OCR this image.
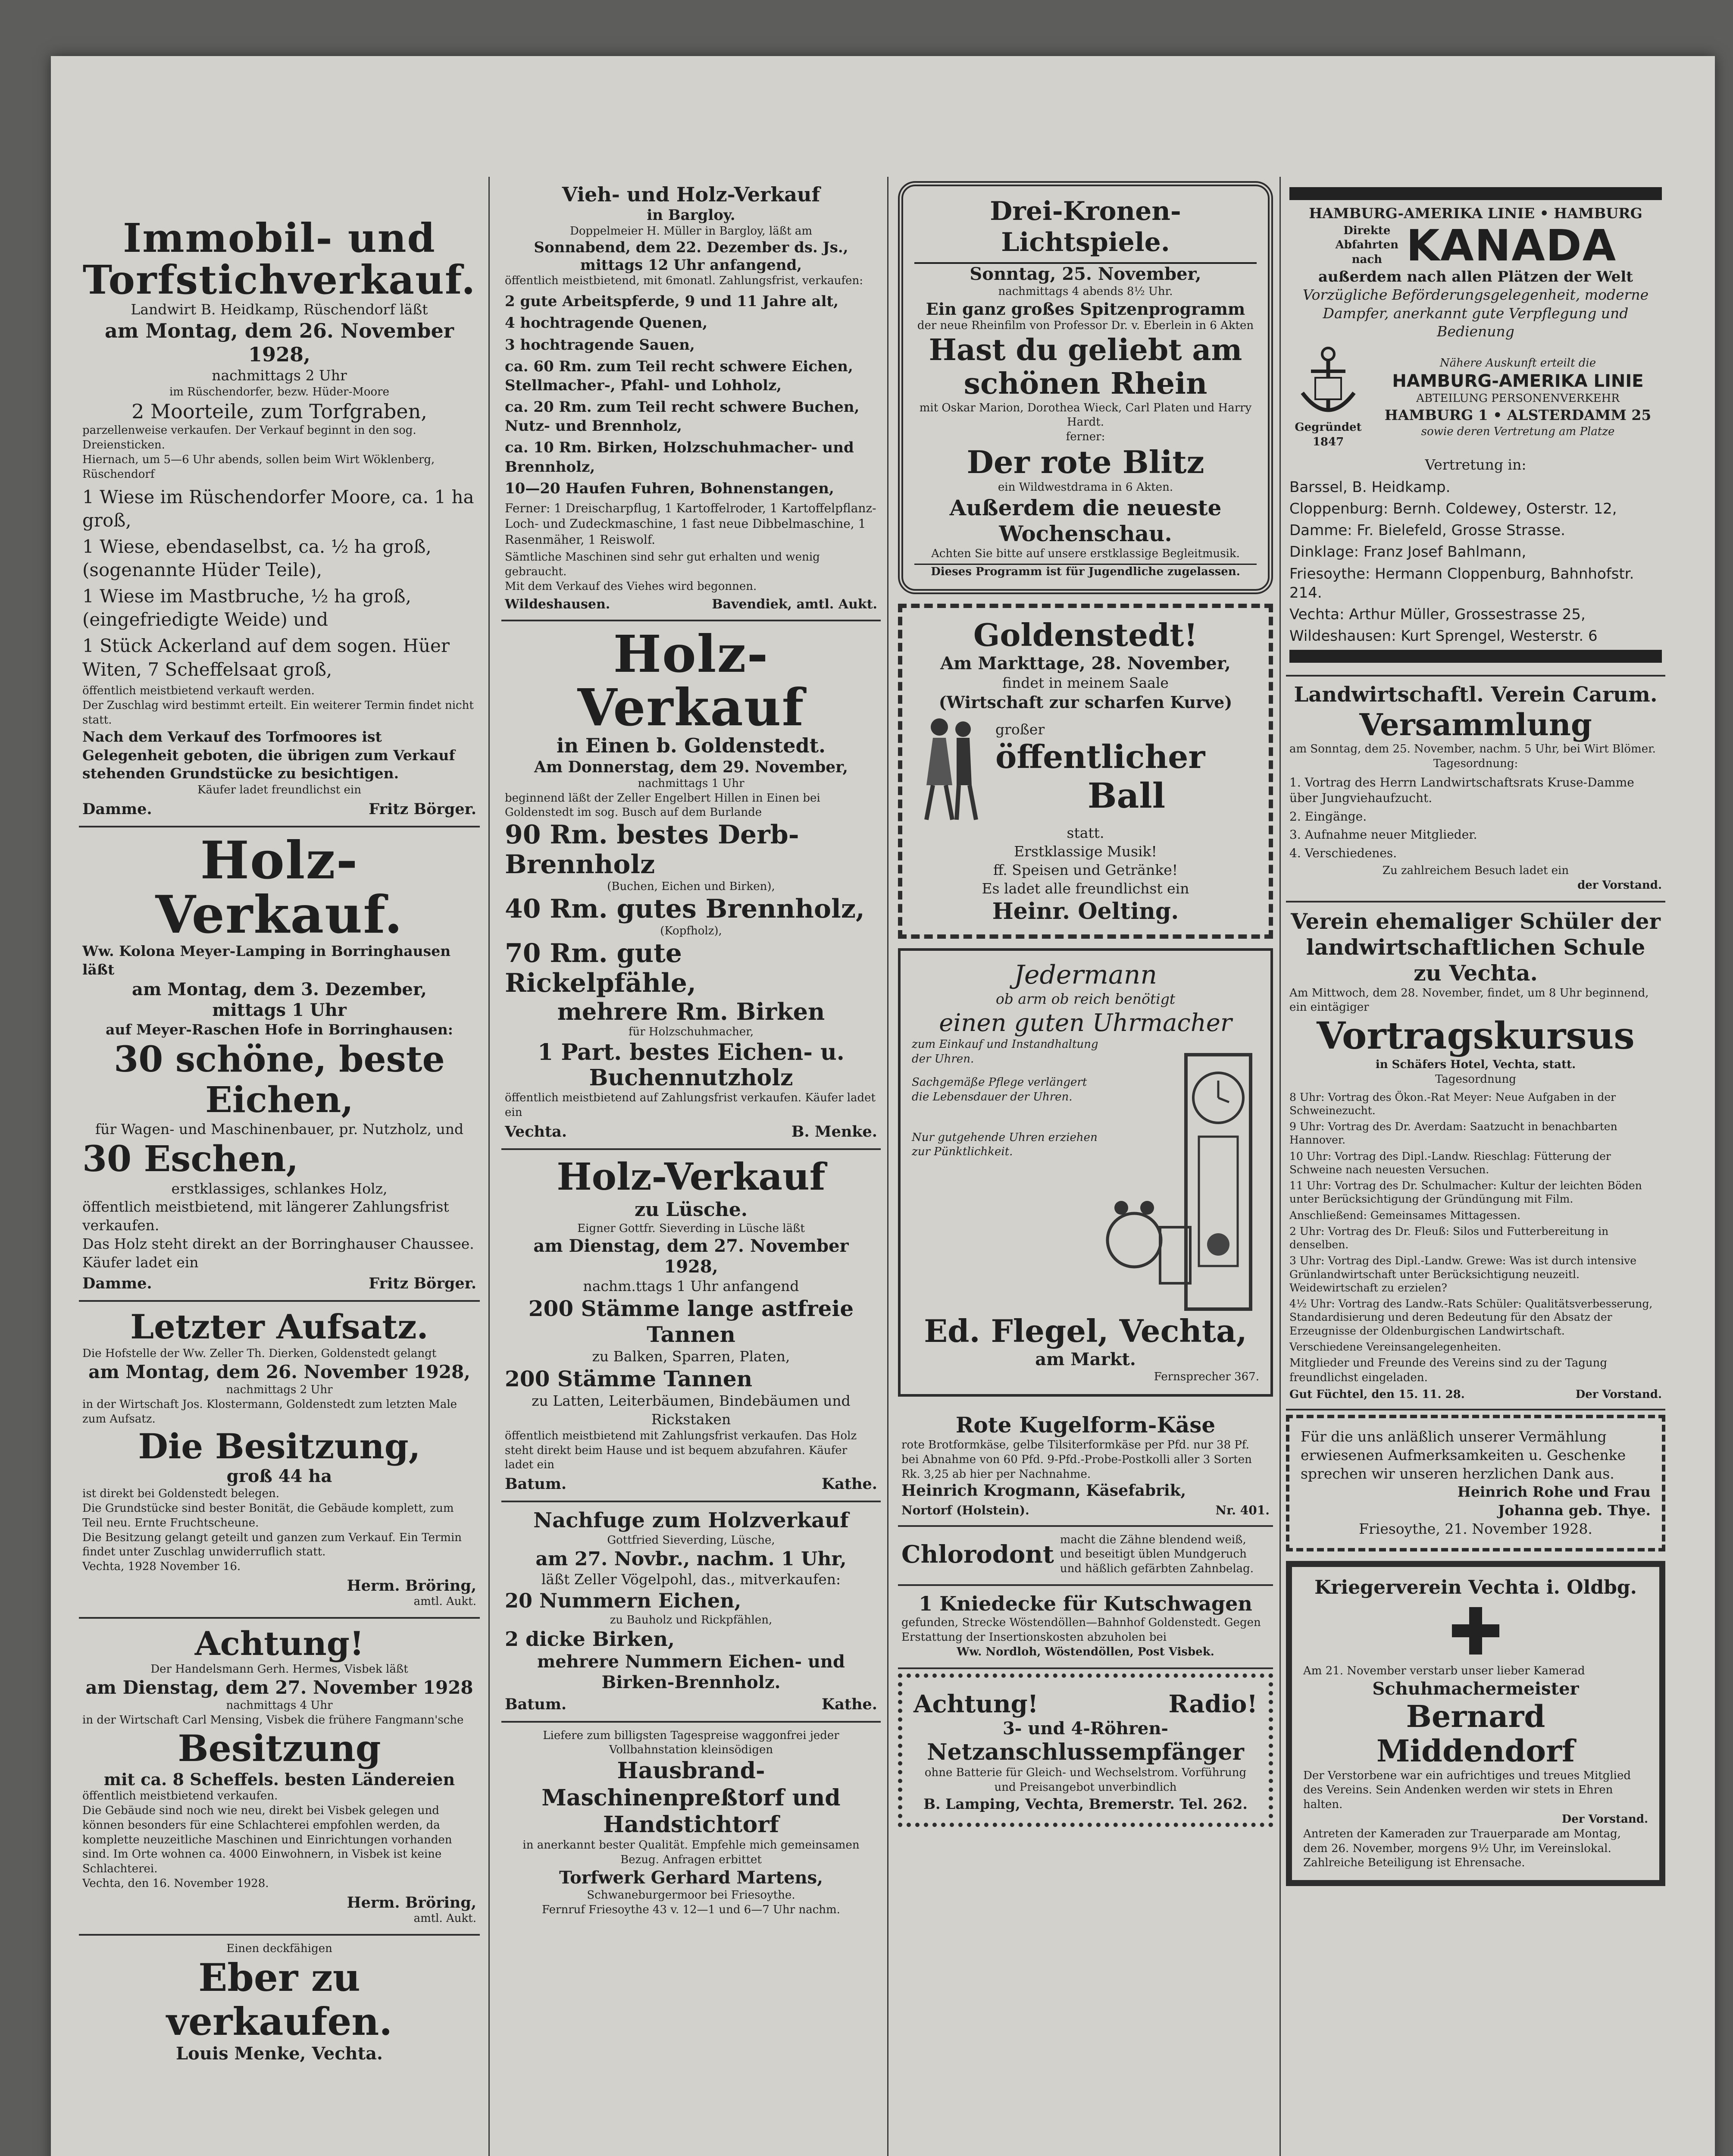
Immobil- und Torfstichverkauf.
Landwirt B. Heidkamp, Rüschendorf läßt
am Montag, dem 26. November 1928,
nachmittags 2 Uhr
im Rüschendorfer, bezw. Hüder-Moore
2 Moorteile, zum Torfgraben,
parzellenweise verkaufen. Der Verkauf beginnt in den sog. Dreiensticken.
Hiernach, um 5—6 Uhr abends, sollen beim Wirt Wöklenberg, Rüschendorf
1 Wiese im Rüschendorfer Moore, ca. 1 ha groß,
1 Wiese, ebendaselbst, ca. ½ ha groß, (sogenannte Hüder Teile),
1 Wiese im Mastbruche, ½ ha groß, (eingefriedigte Weide) und
1 Stück Ackerland auf dem sogen. Hüer Witen, 7 Scheffelsaat groß,
öffentlich meistbietend verkauft werden.
Der Zuschlag wird bestimmt erteilt. Ein weiterer Termin findet nicht statt.
Nach dem Verkauf des Torfmoores ist Gelegenheit geboten, die übrigen zum Verkauf stehenden Grundstücke zu besichtigen.
Käufer ladet freundlichst ein
Damme.	Fritz Börger.
Holz-Verkauf.
Ww. Kolona Meyer-Lamping in Borringhausen läßt
am Montag, dem 3. Dezember,
mittags 1 Uhr
auf Meyer-Raschen Hofe in Borringhausen:
30 schöne, beste Eichen,
für Wagen- und Maschinenbauer, pr. Nutzholz, und
30 Eschen,
erstklassiges, schlankes Holz,
öffentlich meistbietend, mit längerer Zahlungsfrist verkaufen.
Das Holz steht direkt an der Borringhauser Chaussee. Käufer ladet ein
Damme.	Fritz Börger.
Letzter Aufsatz.
Die Hofstelle der Ww. Zeller Th. Dierken, Goldenstedt gelangt
am Montag, dem 26. November 1928,
nachmittags 2 Uhr
in der Wirtschaft Jos. Klostermann, Goldenstedt zum letzten Male zum Aufsatz.
Die Besitzung,
groß 44 ha
ist direkt bei Goldenstedt belegen.
Die Grundstücke sind bester Bonität, die Gebäude komplett, zum Teil neu. Ernte Fruchtscheune.
Die Besitzung gelangt geteilt und ganzen zum Verkauf. Ein Termin findet unter Zuschlag unwiderruflich statt.
Vechta, 1928 November 16.
Herm. Bröring,
amtl. Aukt.
Achtung!
Der Handelsmann Gerh. Hermes, Visbek läßt
am Dienstag, dem 27. November 1928
nachmittags 4 Uhr
in der Wirtschaft Carl Mensing, Visbek die frühere Fangmann'sche
Besitzung
mit ca. 8 Scheffels. besten Ländereien
öffentlich meistbietend verkaufen.
Die Gebäude sind noch wie neu, direkt bei Visbek gelegen und können besonders für eine Schlachterei empfohlen werden, da komplette neuzeitliche Maschinen und Einrichtungen vorhanden sind. Im Orte wohnen ca. 4000 Einwohnern, in Visbek ist keine Schlachterei.
Vechta, den 16. November 1928.
Herm. Bröring,
amtl. Aukt.
Einen deckfähigen
Eber zu verkaufen.
Louis Menke, Vechta.
Vieh- und Holz-Verkauf
in Bargloy.
Doppelmeier H. Müller in Bargloy, läßt am
Sonnabend, dem 22. Dezember ds. Js., mittags 12 Uhr anfangend,
öffentlich meistbietend, mit 6monatl. Zahlungsfrist, verkaufen:
2 gute Arbeitspferde, 9 und 11 Jahre alt,
4 hochtragende Quenen,
3 hochtragende Sauen,
ca. 60 Rm. zum Teil recht schwere Eichen, Stellmacher-, Pfahl- und Lohholz,
ca. 20 Rm. zum Teil recht schwere Buchen, Nutz- und Brennholz,
ca. 10 Rm. Birken, Holzschuhmacher- und Brennholz,
10—20 Haufen Fuhren, Bohnenstangen,
Ferner: 1 Dreischarpflug, 1 Kartoffelroder, 1 Kartoffelpflanz-Loch- und Zudeckmaschine, 1 fast neue Dibbelmaschine, 1 Rasenmäher, 1 Reiswolf.
Sämtliche Maschinen sind sehr gut erhalten und wenig gebraucht.
Mit dem Verkauf des Viehes wird begonnen.
Wildeshausen.	Bavendiek, amtl. Aukt.
Holz-Verkauf
in Einen b. Goldenstedt.
Am Donnerstag, dem 29. November,
nachmittags 1 Uhr
beginnend läßt der Zeller Engelbert Hillen in Einen bei Goldenstedt im sog. Busch auf dem Burlande
90 Rm. bestes Derb-Brennholz
(Buchen, Eichen und Birken),
40 Rm. gutes Brennholz,
(Kopfholz),
70 Rm. gute Rickelpfähle,
mehrere Rm. Birken
für Holzschuhmacher,
1 Part. bestes Eichen- u. Buchennutzholz
öffentlich meistbietend auf Zahlungsfrist verkaufen. Käufer ladet ein
Vechta.	B. Menke.
Holz-Verkauf
zu Lüsche.
Eigner Gottfr. Sieverding in Lüsche läßt
am Dienstag, dem 27. November 1928,
nachm.ttags 1 Uhr anfangend
200 Stämme lange astfreie Tannen
zu Balken, Sparren, Platen,
200 Stämme Tannen
zu Latten, Leiterbäumen, Bindebäumen und Rickstaken
öffentlich meistbietend mit Zahlungsfrist verkaufen. Das Holz steht direkt beim Hause und ist bequem abzufahren. Käufer ladet ein
Batum.	Kathe.
Nachfuge zum Holzverkauf
Gottfried Sieverding, Lüsche,
am 27. Novbr., nachm. 1 Uhr,
läßt Zeller Vögelpohl, das., mitverkaufen:
20 Nummern Eichen,
zu Bauholz und Rickpfählen,
2 dicke Birken,
mehrere Nummern Eichen- und Birken-Brennholz.
Batum.	Kathe.
Liefere zum billigsten Tagespreise waggonfrei jeder Vollbahnstation kleinsödigen
Hausbrand-Maschinenpreßtorf und Handstichtorf
in anerkannt bester Qualität. Empfehle mich gemeinsamen Bezug. Anfragen erbittet
Torfwerk Gerhard Martens,
Schwaneburgermoor bei Friesoythe.
Fernruf Friesoythe 43 v. 12—1 und 6—7 Uhr nachm.
Drei-Kronen-Lichtspiele.
Sonntag, 25. November,
nachmittags 4 abends 8½ Uhr.
Ein ganz großes Spitzenprogramm
der neue Rheinfilm von Professor Dr. v. Eberlein in 6 Akten
Hast du geliebt am schönen Rhein
mit Oskar Marion, Dorothea Wieck, Carl Platen und Harry Hardt.
ferner:
Der rote Blitz
ein Wildwestdrama in 6 Akten.
Außerdem die neueste Wochenschau.
Achten Sie bitte auf unsere erstklassige Begleitmusik.
Dieses Programm ist für Jugendliche zugelassen.
Goldenstedt!
Am Markttage, 28. November,
findet in meinem Saale
(Wirtschaft zur scharfen Kurve)
großer
öffentlicher
Ball
statt.
Erstklassige Musik!
ff. Speisen und Getränke!
Es ladet alle freundlichst ein
Heinr. Oelting.
Jedermann
ob arm ob reich benötigt
einen guten Uhrmacher
zum Einkauf und Instandhaltung der Uhren.
Sachgemäße Pflege verlängert die Lebensdauer der Uhren.
Nur gutgehende Uhren erziehen zur Pünktlichkeit.
Ed. Flegel, Vechta,
am Markt.
Fernsprecher 367.
Rote Kugelform-Käse
rote Brotformkäse, gelbe Tilsiterformkäse per Pfd. nur 38 Pf. bei Abnahme von 60 Pfd. 9-Pfd.-Probe-Postkolli aller 3 Sorten Rk. 3,25 ab hier per Nachnahme.
Heinrich Krogmann, Käsefabrik,
Nortorf (Holstein).	Nr. 401.
Chlorodont
macht die Zähne blendend weiß, und beseitigt üblen Mundgeruch und häßlich gefärbten Zahnbelag.
1 Kniedecke für Kutschwagen
gefunden, Strecke Wöstendöllen—Bahnhof Goldenstedt. Gegen Erstattung der Insertionskosten abzuholen bei
Ww. Nordloh, Wöstendöllen, Post Visbek.
Achtung!	Radio!
3- und 4-Röhren-
Netzanschlussempfänger
ohne Batterie für Gleich- und Wechselstrom. Vorführung und Preisangebot unverbindlich
B. Lamping, Vechta, Bremerstr. Tel. 262.
HAMBURG-AMERIKA LINIE • HAMBURG
Direkte Abfahrten nach KANADA
außerdem nach allen Plätzen der Welt
Vorzügliche Beförderungsgelegenheit, moderne Dampfer, anerkannt gute Verpflegung und Bedienung
Gegründet 1847
Nähere Auskunft erteilt die
HAMBURG-AMERIKA LINIE
ABTEILUNG PERSONENVERKEHR
HAMBURG 1 • ALSTERDAMM 25
sowie deren Vertretung am Platze
Vertretung in:
Barssel, B. Heidkamp.
Cloppenburg: Bernh. Coldewey, Osterstr. 12,
Damme: Fr. Bielefeld, Grosse Strasse.
Dinklage: Franz Josef Bahlmann,
Friesoythe: Hermann Cloppenburg, Bahnhofstr. 214.
Vechta: Arthur Müller, Grossestrasse 25,
Wildeshausen: Kurt Sprengel, Westerstr. 6
Landwirtschaftl. Verein Carum.
Versammlung
am Sonntag, dem 25. November, nachm. 5 Uhr, bei Wirt Blömer.
Tagesordnung:
1. Vortrag des Herrn Landwirtschaftsrats Kruse-Damme über Jungviehaufzucht.
2. Eingänge.
3. Aufnahme neuer Mitglieder.
4. Verschiedenes.
Zu zahlreichem Besuch ladet ein
der Vorstand.
Verein ehemaliger Schüler der landwirtschaftlichen Schule zu Vechta.
Am Mittwoch, dem 28. November, findet, um 8 Uhr beginnend, ein eintägiger
Vortragskursus
in Schäfers Hotel, Vechta, statt.
Tagesordnung
8 Uhr: Vortrag des Ökon.-Rat Meyer: Neue Aufgaben in der Schweinezucht.
9 Uhr: Vortrag des Dr. Averdam: Saatzucht in benachbarten Hannover.
10 Uhr: Vortrag des Dipl.-Landw. Rieschlag: Fütterung der Schweine nach neuesten Versuchen.
11 Uhr: Vortrag des Dr. Schulmacher: Kultur der leichten Böden unter Berücksichtigung der Gründüngung mit Film.
Anschließend: Gemeinsames Mittagessen.
2 Uhr: Vortrag des Dr. Fleuß: Silos und Futterbereitung in denselben.
3 Uhr: Vortrag des Dipl.-Landw. Grewe: Was ist durch intensive Grünlandwirtschaft unter Berücksichtigung neuzeitl. Weidewirtschaft zu erzielen?
4½ Uhr: Vortrag des Landw.-Rats Schüler: Qualitätsverbesserung, Standardisierung und deren Bedeutung für den Absatz der Erzeugnisse der Oldenburgischen Landwirtschaft.
Verschiedene Vereinsangelegenheiten.
Mitglieder und Freunde des Vereins sind zu der Tagung freundlichst eingeladen.
Gut Füchtel, den 15. 11. 28.	Der Vorstand.
Für die uns anläßlich unserer Vermählung erwiesenen Aufmerksamkeiten u. Geschenke sprechen wir unseren herzlichen Dank aus.
Heinrich Rohe und Frau
Johanna geb. Thye.
Friesoythe, 21. November 1928.
Kriegerverein Vechta i. Oldbg.
Am 21. November verstarb unser lieber Kamerad
Schuhmachermeister
Bernard Middendorf
Der Verstorbene war ein aufrichtiges und treues Mitglied des Vereins. Sein Andenken werden wir stets in Ehren halten.
Der Vorstand.
Antreten der Kameraden zur Trauerparade am Montag, dem 26. November, morgens 9½ Uhr, im Vereinslokal. Zahlreiche Beteiligung ist Ehrensache.
